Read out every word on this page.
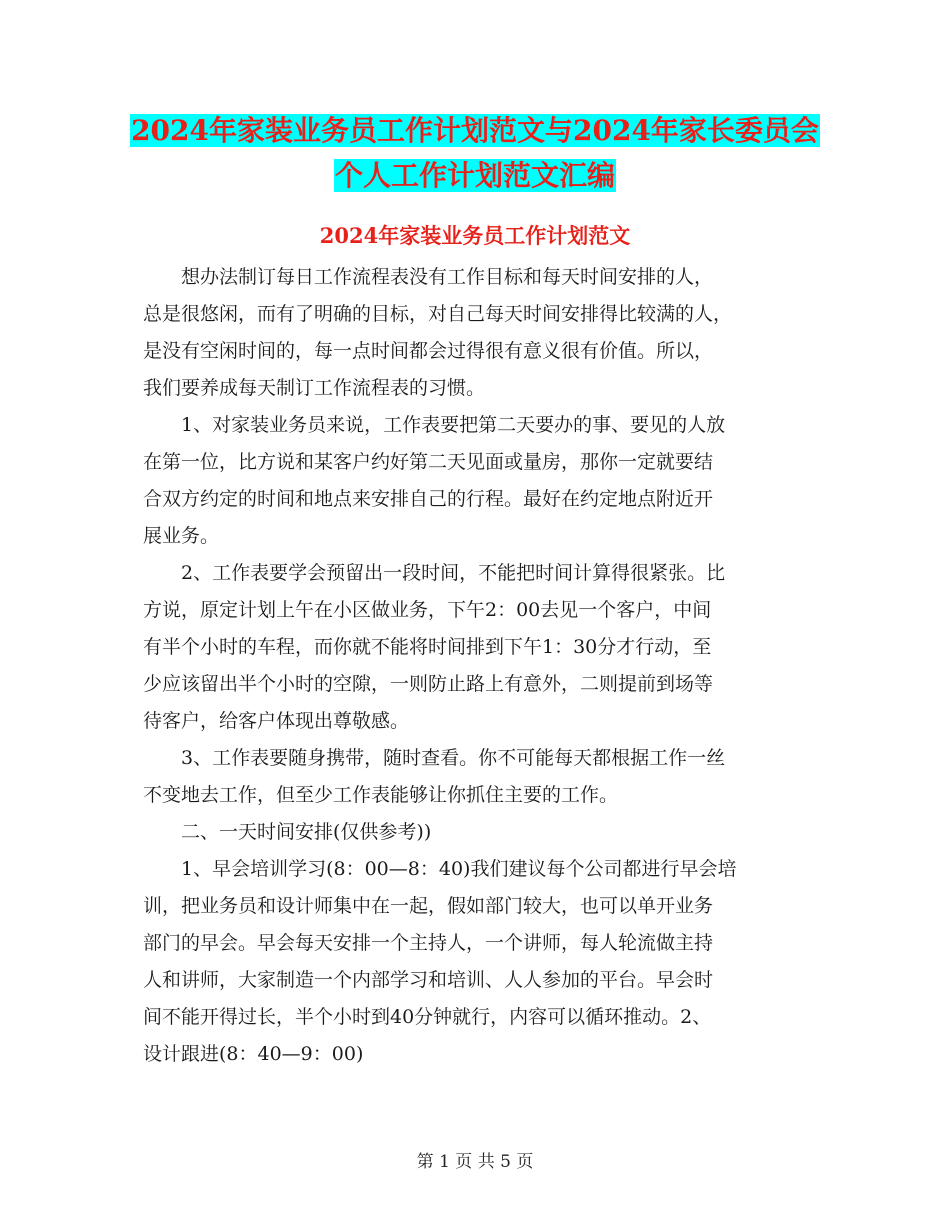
2024年家装业务员工作计划范文与2024年家长委员会
个人工作计划范文汇编
2024年家装业务员工作计划范文

想办法制订每日工作流程表没有工作目标和每天时间安排的人，
总是很悠闲，而有了明确的目标，对自己每天时间安排得比较满的人，
是没有空闲时间的，每一点时间都会过得很有意义很有价值。所以，
我们要养成每天制订工作流程表的习惯。

1、对家装业务员来说，工作表要把第二天要办的事、要见的人放
在第一位，比方说和某客户约好第二天见面或量房，那你一定就要结
合双方约定的时间和地点来安排自己的行程。最好在约定地点附近开
展业务。

2、工作表要学会预留出一段时间，不能把时间计算得很紧张。比
方说，原定计划上午在小区做业务，下午2：00去见一个客户，中间
有半个小时的车程，而你就不能将时间排到下午1：30分才行动，至
少应该留出半个小时的空隙，一则防止路上有意外，二则提前到场等
待客户，给客户体现出尊敬感。

3、工作表要随身携带，随时查看。你不可能每天都根据工作一丝
不变地去工作，但至少工作表能够让你抓住主要的工作。

二、一天时间安排(仅供参考))

1、早会培训学习(8：00—8：40)我们建议每个公司都进行早会培
训，把业务员和设计师集中在一起，假如部门较大，也可以单开业务
部门的早会。早会每天安排一个主持人，一个讲师，每人轮流做主持
人和讲师，大家制造一个内部学习和培训、人人参加的平台。早会时
间不能开得过长，半个小时到40分钟就行，内容可以循环推动。2、
设计跟进(8：40—9：00)

第 1 页 共 5 页
